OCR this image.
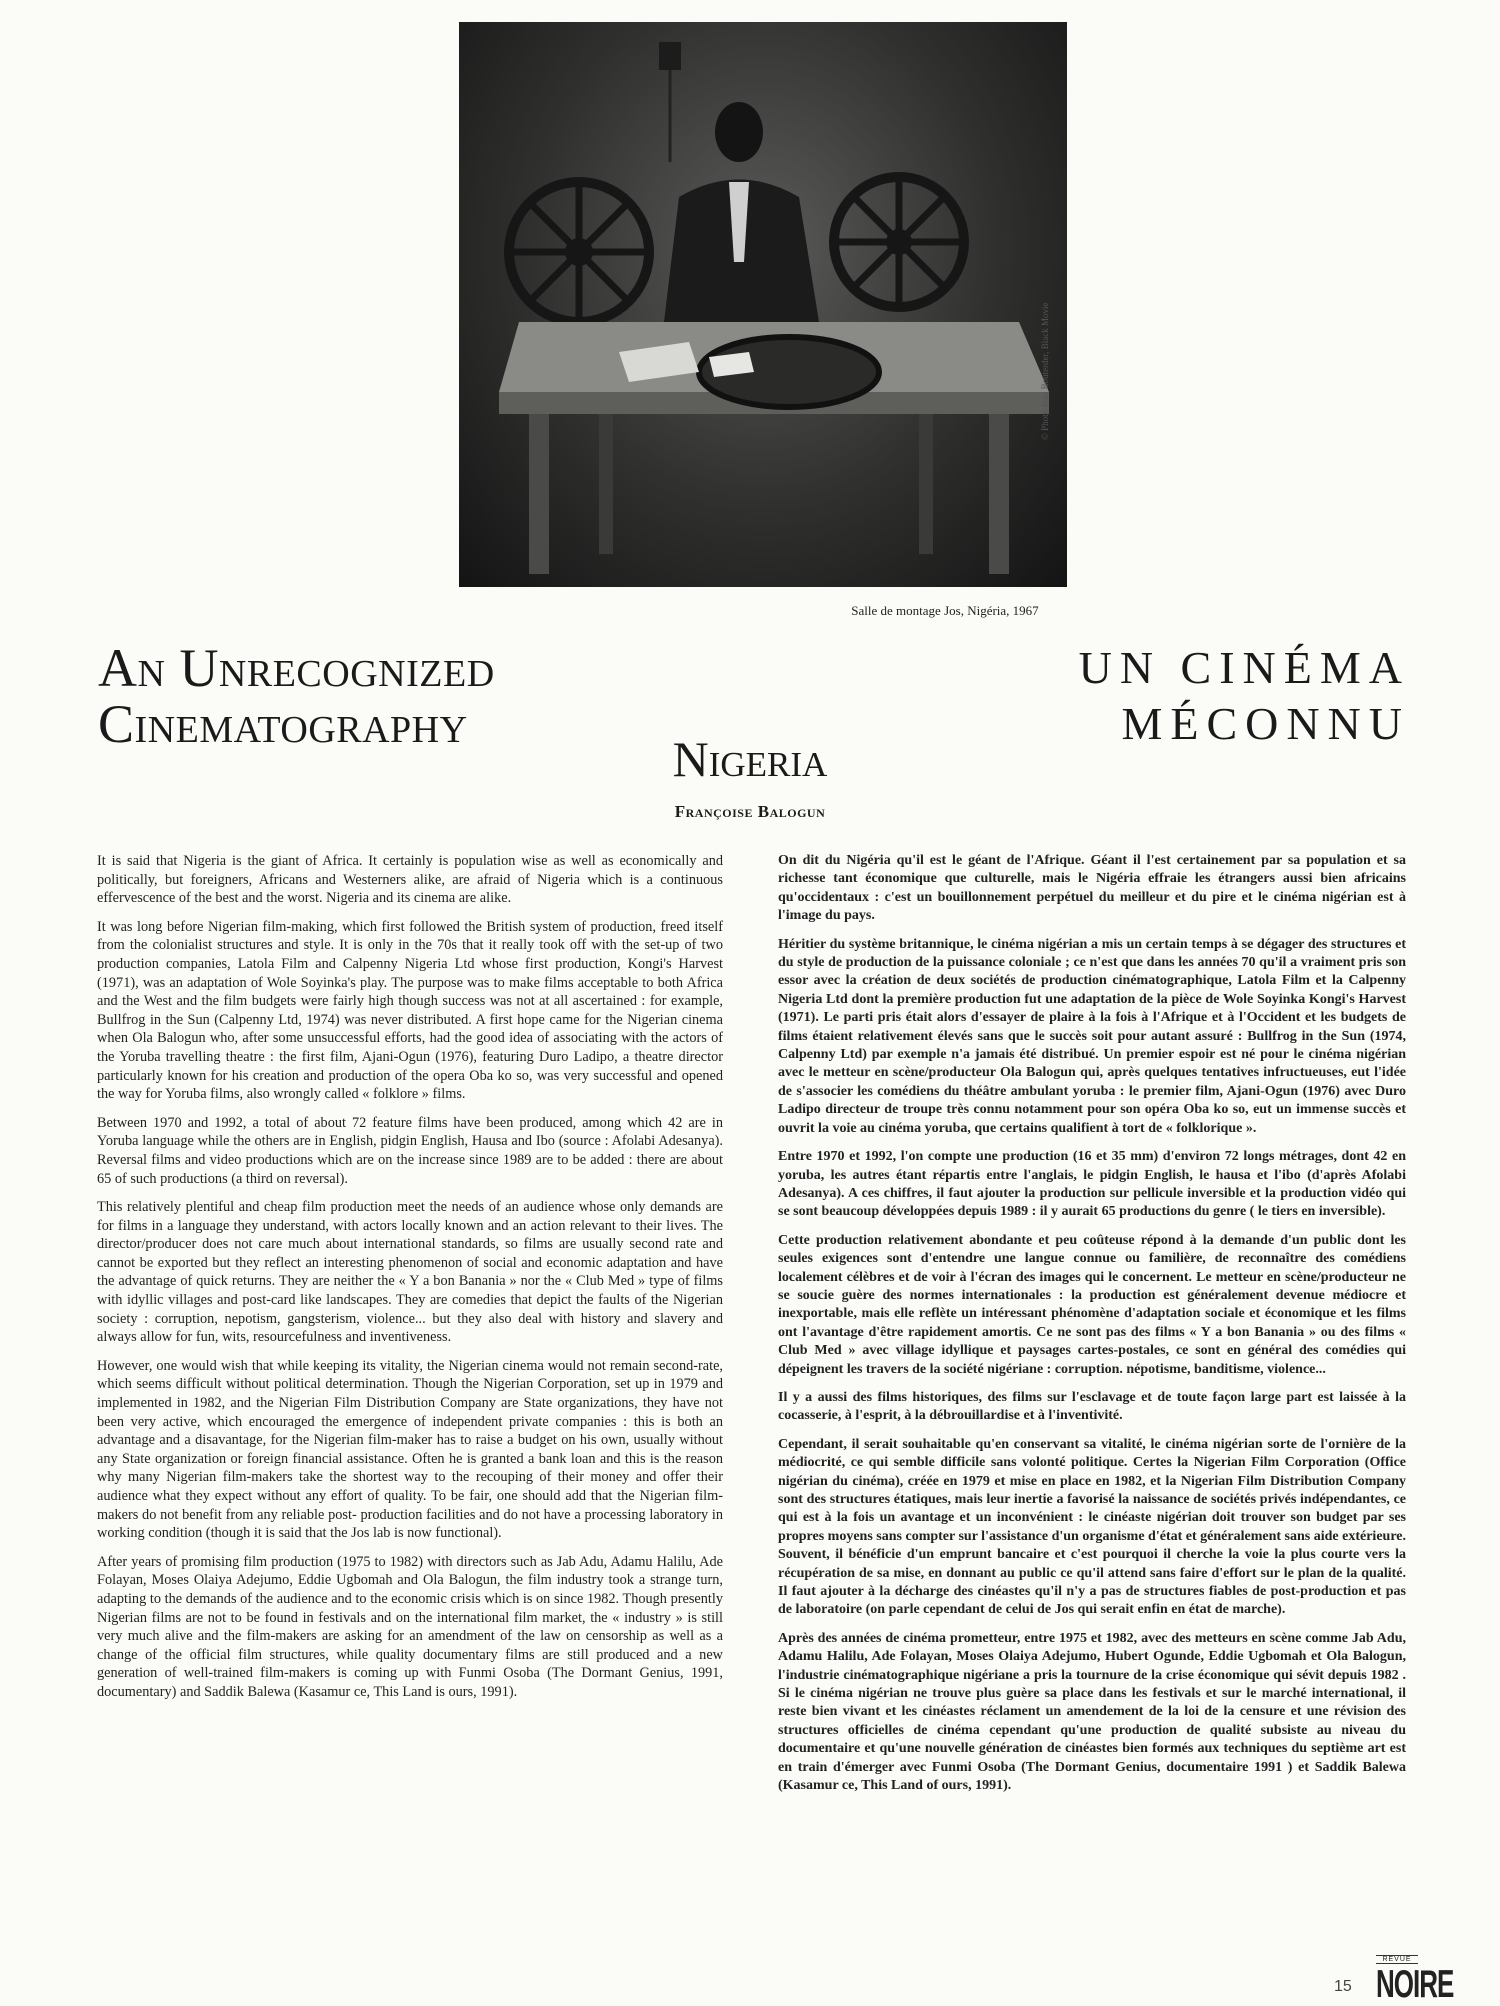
© Photo Jean Bouterder, Black Movie
Salle de montage Jos, Nigéria, 1967
An Unrecognized
Cinematography
UN CINÉMA
MÉCONNU
Nigeria
Françoise Balogun

It is said that Nigeria is the giant of Africa. It certainly is population wise as well as economically and politically, but foreigners, Africans and Westerners alike, are afraid of Nigeria which is a continuous effervescence of the best and the worst. Nigeria and its cinema are alike.

It was long before Nigerian film-making, which first followed the British system of production, freed itself from the colonialist structures and style. It is only in the 70s that it really took off with the set-up of two production companies, Latola Film and Calpenny Nigeria Ltd whose first production, Kongi's Harvest (1971), was an adaptation of Wole Soyinka's play. The purpose was to make films acceptable to both Africa and the West and the film budgets were fairly high though success was not at all ascertained : for example, Bullfrog in the Sun (Calpenny Ltd, 1974) was never distributed. A first hope came for the Nigerian cinema when Ola Balogun who, after some unsuccessful efforts, had the good idea of associating with the actors of the Yoruba travelling theatre : the first film, Ajani-Ogun (1976), featuring Duro Ladipo, a theatre director particularly known for his creation and production of the opera Oba ko so, was very successful and opened the way for Yoruba films, also wrongly called « folklore » films.

Between 1970 and 1992, a total of about 72 feature films have been produced, among which 42 are in Yoruba language while the others are in English, pidgin English, Hausa and Ibo (source : Afolabi Adesanya). Reversal films and video productions which are on the increase since 1989 are to be added : there are about 65 of such productions (a third on reversal).

This relatively plentiful and cheap film production meet the needs of an audience whose only demands are for films in a language they understand, with actors locally known and an action relevant to their lives. The director/producer does not care much about international standards, so films are usually second rate and cannot be exported but they reflect an interesting phenomenon of social and economic adaptation and have the advantage of quick returns. They are neither the « Y a bon Banania » nor the « Club Med » type of films with idyllic villages and post-card like landscapes. They are comedies that depict the faults of the Nigerian society : corruption, nepotism, gangsterism, violence... but they also deal with history and slavery and always allow for fun, wits, resourcefulness and inventiveness.

However, one would wish that while keeping its vitality, the Nigerian cinema would not remain second-rate, which seems difficult without political determination. Though the Nigerian Corporation, set up in 1979 and implemented in 1982, and the Nigerian Film Distribution Company are State organizations, they have not been very active, which encouraged the emergence of independent private companies : this is both an advantage and a disavantage, for the Nigerian film-maker has to raise a budget on his own, usually without any State organization or foreign financial assistance. Often he is granted a bank loan and this is the reason why many Nigerian film-makers take the shortest way to the recouping of their money and offer their audience what they expect without any effort of quality. To be fair, one should add that the Nigerian film-makers do not benefit from any reliable post- production facilities and do not have a processing laboratory in working condition (though it is said that the Jos lab is now functional).

After years of promising film production (1975 to 1982) with directors such as Jab Adu, Adamu Halilu, Ade Folayan, Moses Olaiya Adejumo, Eddie Ugbomah and Ola Balogun, the film industry took a strange turn, adapting to the demands of the audience and to the economic crisis which is on since 1982. Though presently Nigerian films are not to be found in festivals and on the international film market, the « industry » is still very much alive and the film-makers are asking for an amendment of the law on censorship as well as a change of the official film structures, while quality documentary films are still produced and a new generation of well-trained film-makers is coming up with Funmi Osoba (The Dormant Genius, 1991, documentary) and Saddik Balewa (Kasamur ce, This Land is ours, 1991).

On dit du Nigéria qu'il est le géant de l'Afrique. Géant il l'est certainement par sa population et sa richesse tant économique que culturelle, mais le Nigéria effraie les étrangers aussi bien africains qu'occidentaux : c'est un bouillonnement perpétuel du meilleur et du pire et le cinéma nigérian est à l'image du pays.

Héritier du système britannique, le cinéma nigérian a mis un certain temps à se dégager des structures et du style de production de la puissance coloniale ; ce n'est que dans les années 70 qu'il a vraiment pris son essor avec la création de deux sociétés de production cinématographique, Latola Film et la Calpenny Nigeria Ltd dont la première production fut une adaptation de la pièce de Wole Soyinka Kongi's Harvest (1971). Le parti pris était alors d'essayer de plaire à la fois à l'Afrique et à l'Occident et les budgets de films étaient relativement élevés sans que le succès soit pour autant assuré : Bullfrog in the Sun (1974, Calpenny Ltd) par exemple n'a jamais été distribué. Un premier espoir est né pour le cinéma nigérian avec le metteur en scène/producteur Ola Balogun qui, après quelques tentatives infructueuses, eut l'idée de s'associer les comédiens du théâtre ambulant yoruba : le premier film, Ajani-Ogun (1976) avec Duro Ladipo directeur de troupe très connu notamment pour son opéra Oba ko so, eut un immense succès et ouvrit la voie au cinéma yoruba, que certains qualifient à tort de « folklorique ».

Entre 1970 et 1992, l'on compte une production (16 et 35 mm) d'environ 72 longs métrages, dont 42 en yoruba, les autres étant répartis entre l'anglais, le pidgin English, le hausa et l'ibo (d'après Afolabi Adesanya). A ces chiffres, il faut ajouter la production sur pellicule inversible et la production vidéo qui se sont beaucoup développées depuis 1989 : il y aurait 65 productions du genre ( le tiers en inversible).

Cette production relativement abondante et peu coûteuse répond à la demande d'un public dont les seules exigences sont d'entendre une langue connue ou familière, de reconnaître des comédiens localement célèbres et de voir à l'écran des images qui le concernent. Le metteur en scène/producteur ne se soucie guère des normes internationales : la production est généralement devenue médiocre et inexportable, mais elle reflète un intéressant phénomène d'adaptation sociale et économique et les films ont l'avantage d'être rapidement amortis. Ce ne sont pas des films « Y a bon Banania » ou des films « Club Med » avec village idyllique et paysages cartes-postales, ce sont en général des comédies qui dépeignent les travers de la société nigériane : corruption. népotisme, banditisme, violence...

Il y a aussi des films historiques, des films sur l'esclavage et de toute façon large part est laissée à la cocasserie, à l'esprit, à la débrouillardise et à l'inventivité.

Cependant, il serait souhaitable qu'en conservant sa vitalité, le cinéma nigérian sorte de l'ornière de la médiocrité, ce qui semble difficile sans volonté politique. Certes la Nigerian Film Corporation (Office nigérian du cinéma), créée en 1979 et mise en place en 1982, et la Nigerian Film Distribution Company sont des structures étatiques, mais leur inertie a favorisé la naissance de sociétés privés indépendantes, ce qui est à la fois un avantage et un inconvénient : le cinéaste nigérian doit trouver son budget par ses propres moyens sans compter sur l'assistance d'un organisme d'état et généralement sans aide extérieure. Souvent, il bénéficie d'un emprunt bancaire et c'est pourquoi il cherche la voie la plus courte vers la récupération de sa mise, en donnant au public ce qu'il attend sans faire d'effort sur le plan de la qualité. Il faut ajouter à la décharge des cinéastes qu'il n'y a pas de structures fiables de post-production et pas de laboratoire (on parle cependant de celui de Jos qui serait enfin en état de marche).

Après des années de cinéma prometteur, entre 1975 et 1982, avec des metteurs en scène comme Jab Adu, Adamu Halilu, Ade Folayan, Moses Olaiya Adejumo, Hubert Ogunde, Eddie Ugbomah et Ola Balogun, l'industrie cinématographique nigériane a pris la tournure de la crise économique qui sévit depuis 1982 . Si le cinéma nigérian ne trouve plus guère sa place dans les festivals et sur le marché international, il reste bien vivant et les cinéastes réclament un amendement de la loi de la censure et une révision des structures officielles de cinéma cependant qu'une production de qualité subsiste au niveau du documentaire et qu'une nouvelle génération de cinéastes bien formés aux techniques du septième art est en train d'émerger avec Funmi Osoba (The Dormant Genius, documentaire 1991 ) et Saddik Balewa (Kasamur ce, This Land of ours, 1991).

15
REVUE
NOIRE
